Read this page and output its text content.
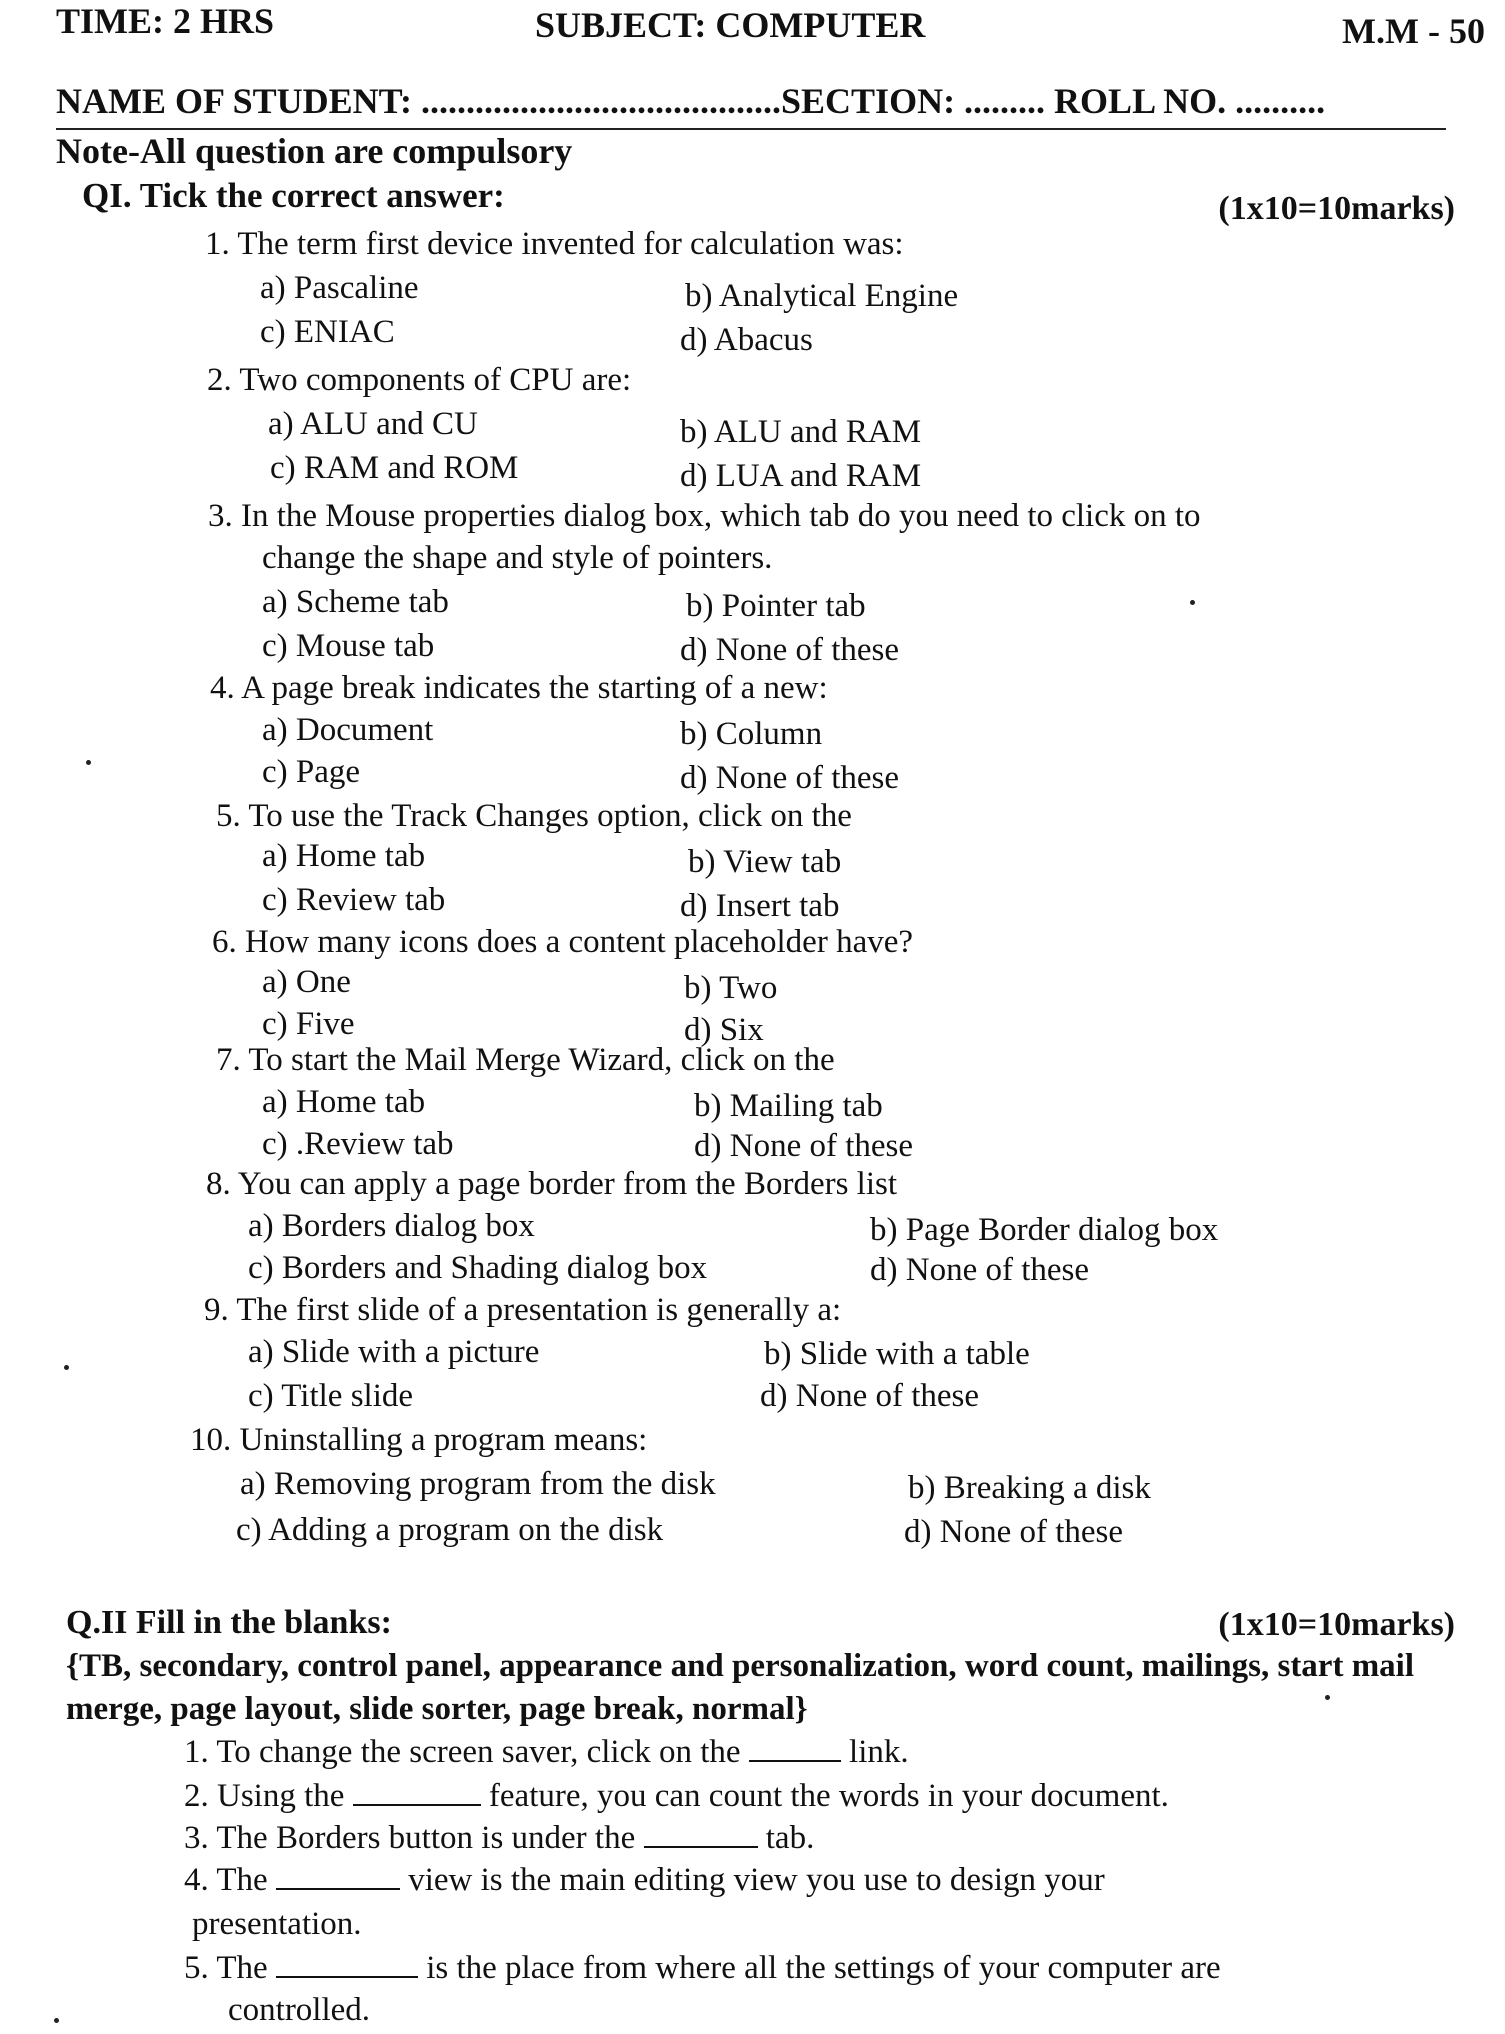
TIME: 2 HRS	SUBJECT: COMPUTER	M.M - 50
NAME OF STUDENT: ........................................SECTION: ......... ROLL NO. ..........
Note-All question are compulsory
QI. Tick the correct answer:	(1x10=10marks)
1. The term first device invented for calculation was:
a) Pascaline	b) Analytical Engine
c) ENIAC	d) Abacus
2. Two components of CPU are:
a) ALU and CU	b) ALU and RAM
c) RAM and ROM	d) LUA and RAM
3. In the Mouse properties dialog box, which tab do you need to click on to
change the shape and style of pointers.
a) Scheme tab	b) Pointer tab
c) Mouse tab	d) None of these
4. A page break indicates the starting of a new:
a) Document	b) Column
c) Page	d) None of these
5. To use the Track Changes option, click on the
a) Home tab	b) View tab
c) Review tab	d) Insert tab
6. How many icons does a content placeholder have?
a) One	b) Two
c) Five	d) Six
7. To start the Mail Merge Wizard, click on the
a) Home tab	b) Mailing tab
c) .Review tab	d) None of these
8. You can apply a page border from the Borders list
a) Borders dialog box	b) Page Border dialog box
c) Borders and Shading dialog box	d) None of these
9. The first slide of a presentation is generally a:
a) Slide with a picture	b) Slide with a table
c) Title slide	d) None of these
10. Uninstalling a program means:
a) Removing program from the disk	b) Breaking a disk
c) Adding a program on the disk	d) None of these
Q.II Fill in the blanks:	(1x10=10marks)
{TB, secondary, control panel, appearance and personalization, word count, mailings, start mail merge, page layout, slide sorter, page break, normal}
1. To change the screen saver, click on the	link.
2. Using the	feature, you can count the words in your document.
3. The Borders button is under the	tab.
4. The	view is the main editing view you use to design your
presentation.
5. The	is the place from where all the settings of your computer are
controlled.
